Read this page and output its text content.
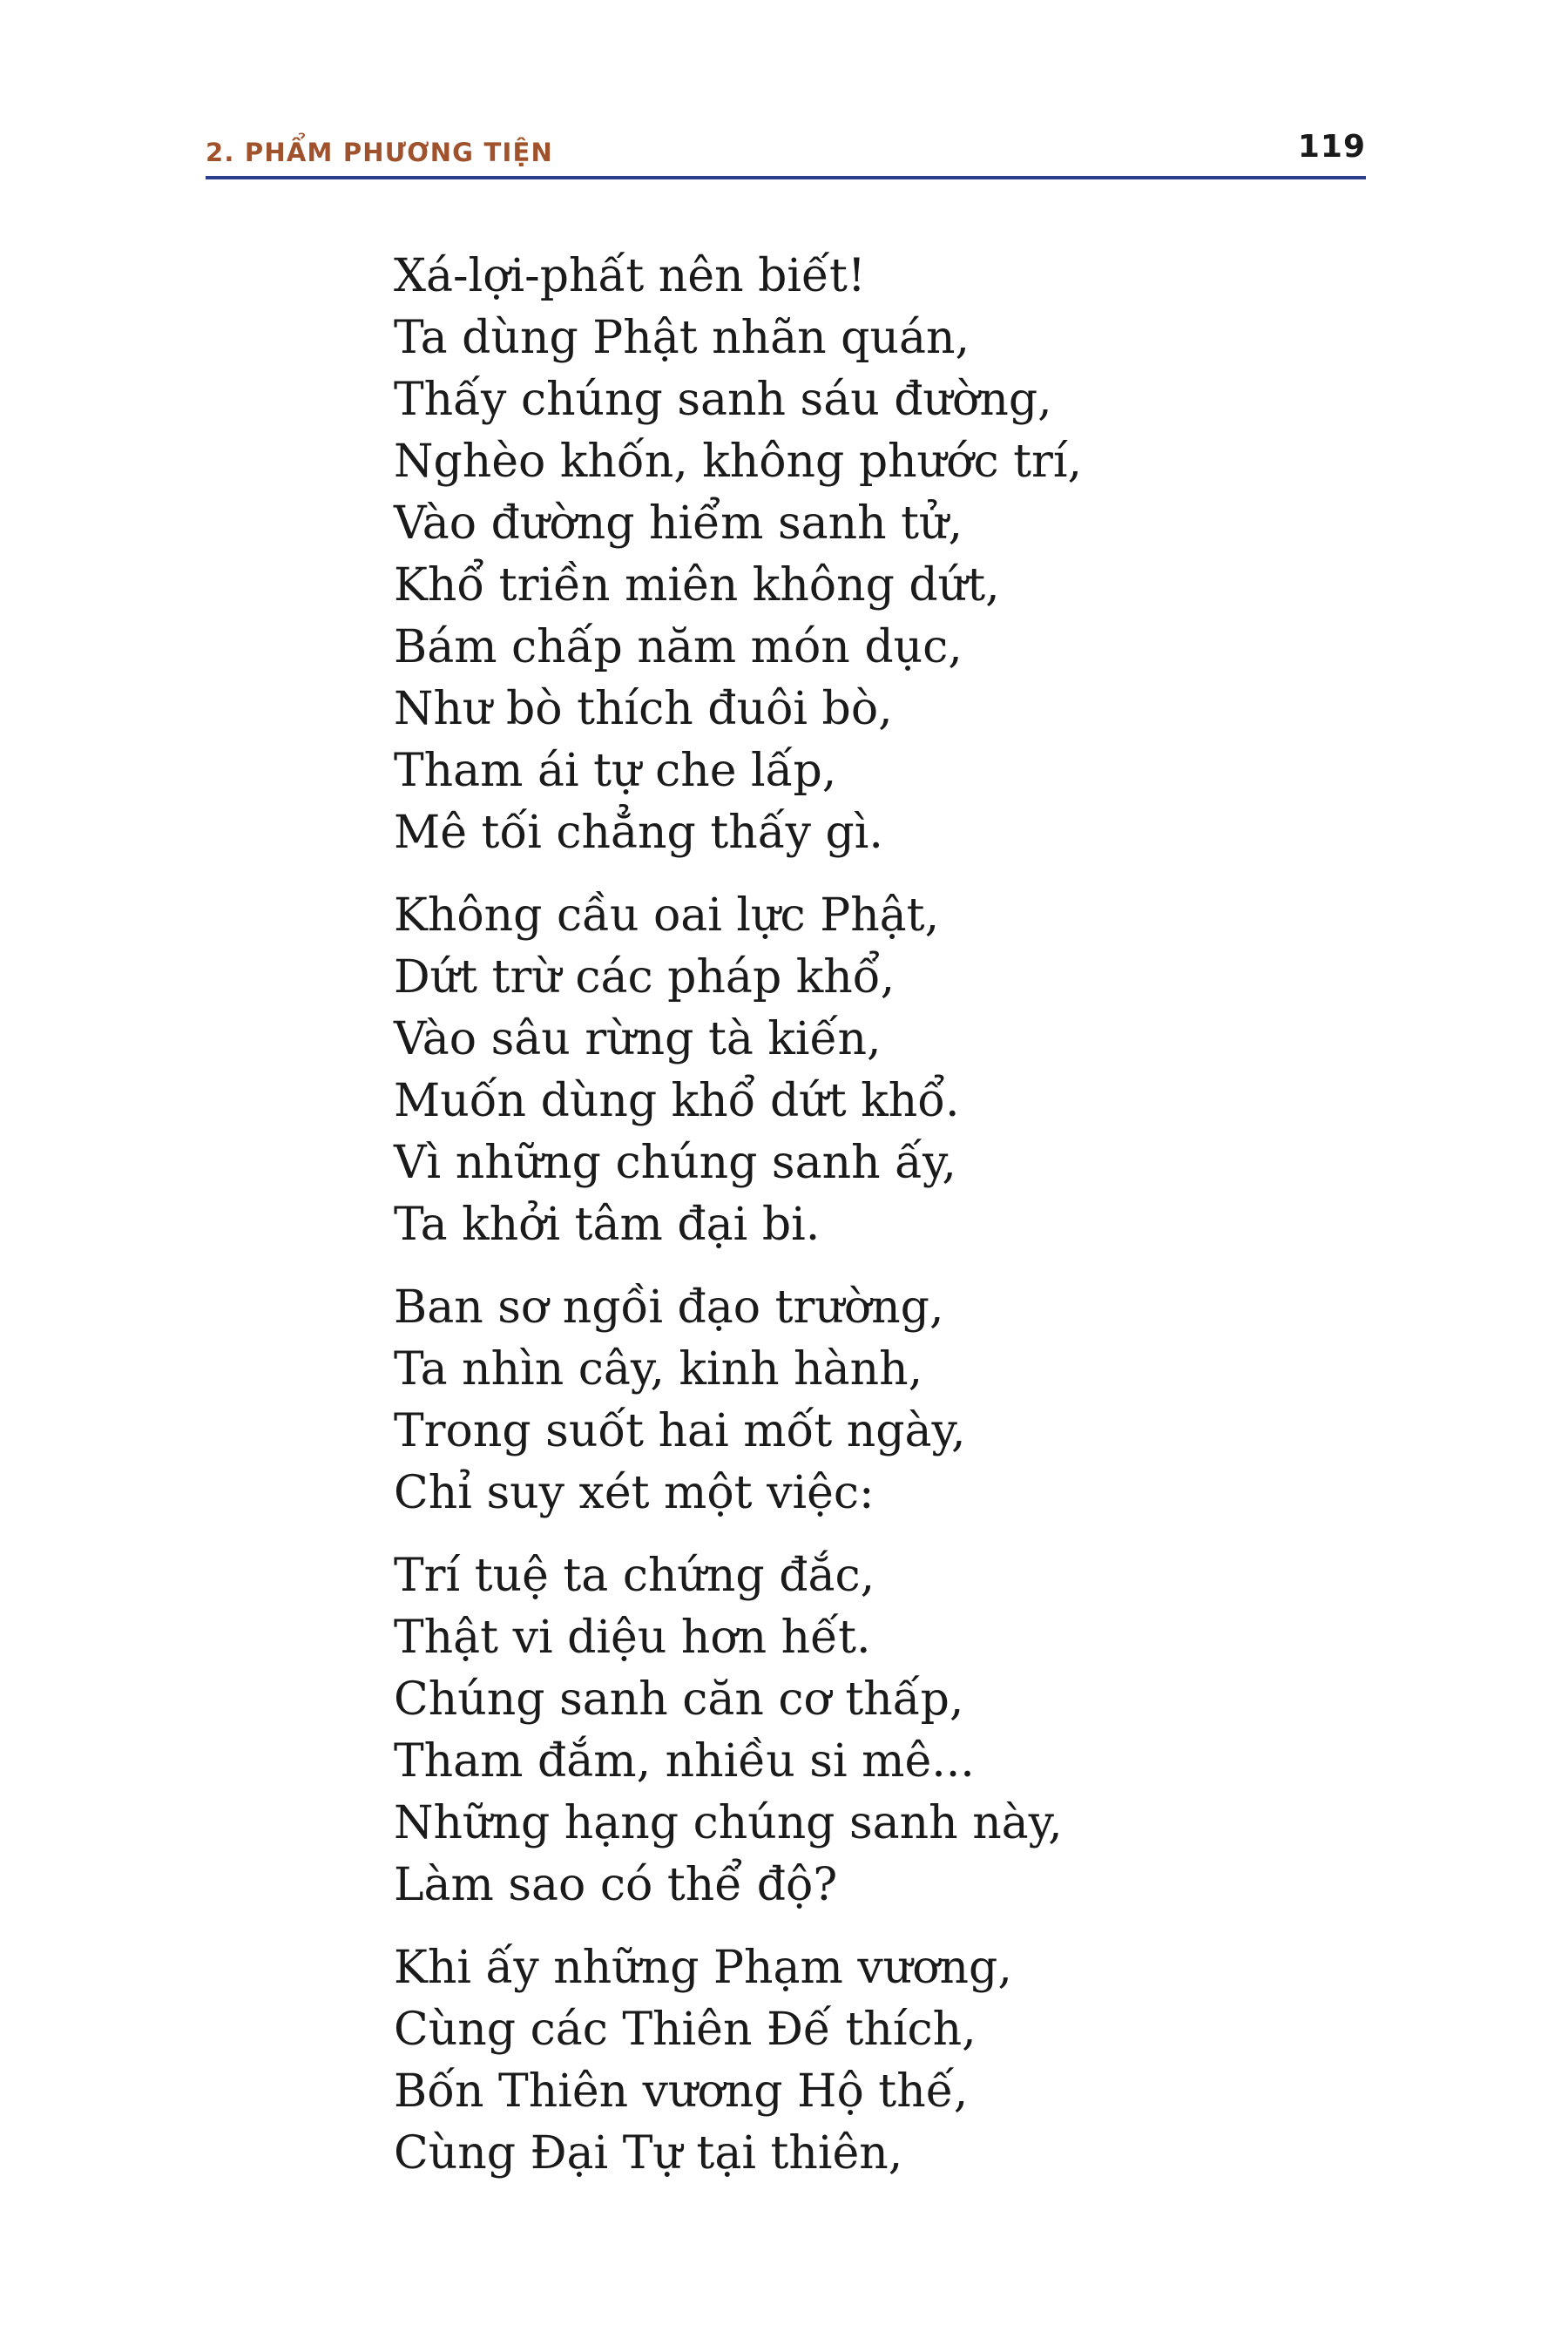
2. PHẨM PHƯƠNG TIỆN	119
Xá-lợi-phất nên biết!
Ta dùng Phật nhãn quán,
Thấy chúng sanh sáu đường,
Nghèo khốn, không phước trí,
Vào đường hiểm sanh tử,
Khổ triền miên không dứt,
Bám chấp năm món dục,
Như bò thích đuôi bò,
Tham ái tự che lấp,
Mê tối chẳng thấy gì.
Không cầu oai lực Phật,
Dứt trừ các pháp khổ,
Vào sâu rừng tà kiến,
Muốn dùng khổ dứt khổ.
Vì những chúng sanh ấy,
Ta khởi tâm đại bi.
Ban sơ ngồi đạo trường,
Ta nhìn cây, kinh hành,
Trong suốt hai mốt ngày,
Chỉ suy xét một việc:
Trí tuệ ta chứng đắc,
Thật vi diệu hơn hết.
Chúng sanh căn cơ thấp,
Tham đắm, nhiều si mê...
Những hạng chúng sanh này,
Làm sao có thể độ?
Khi ấy những Phạm vương,
Cùng các Thiên Đế thích,
Bốn Thiên vương Hộ thế,
Cùng Đại Tự tại thiên,
